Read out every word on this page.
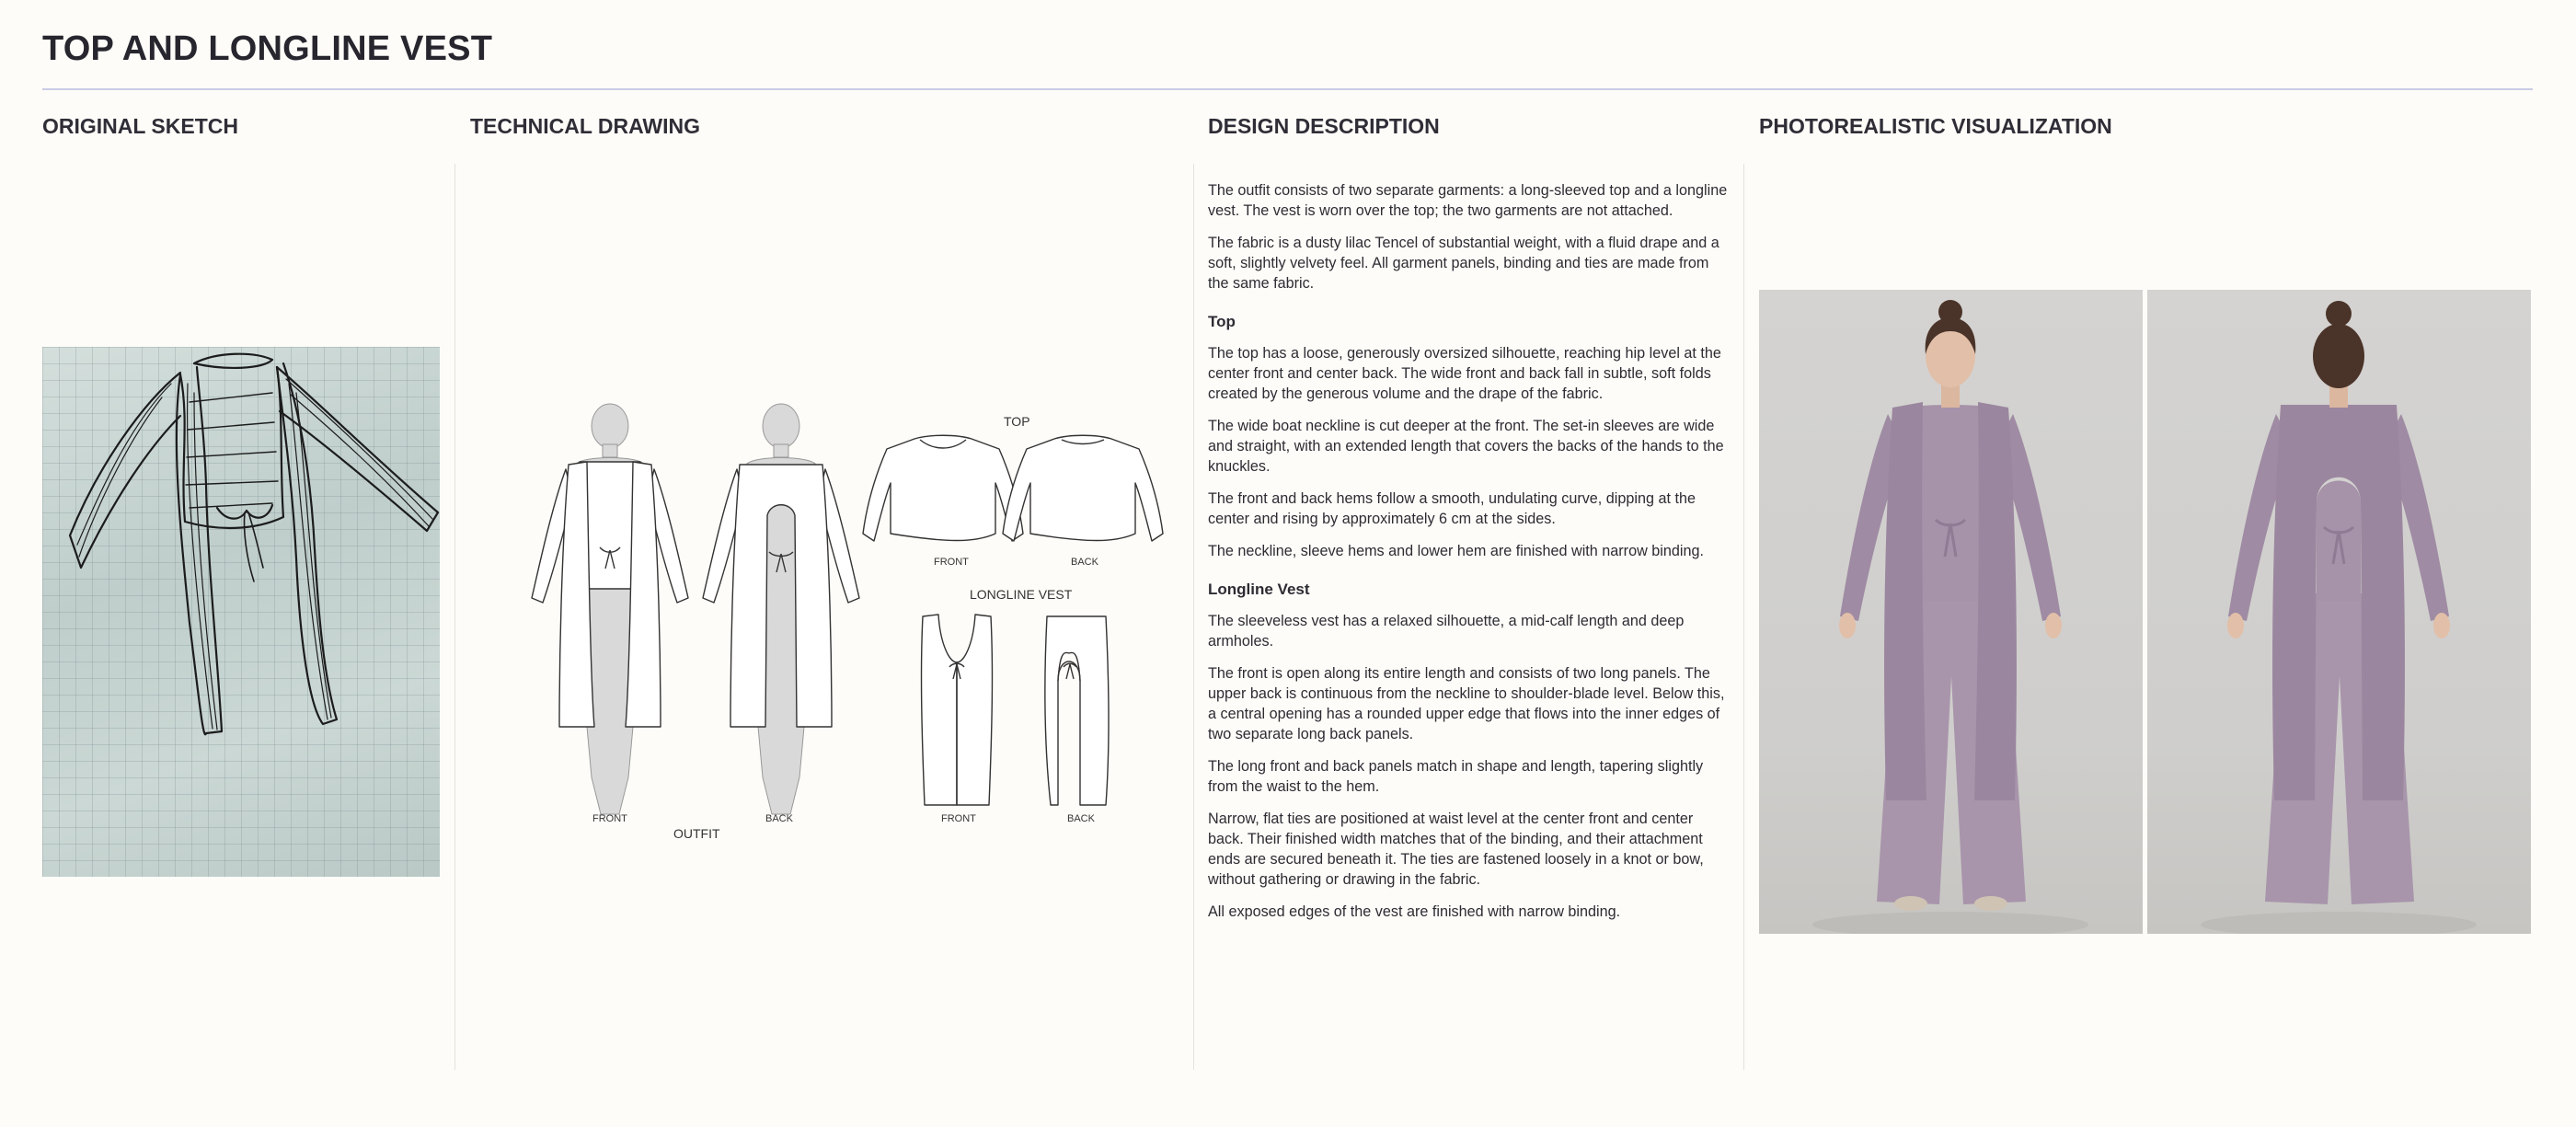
TOP AND LONGLINE VEST
ORIGINAL SKETCH	TECHNICAL DRAWING	DESIGN DESCRIPTION	PHOTOREALISTIC VISUALIZATION
FRONT	BACK
OUTFIT
TOP
FRONT	BACK
LONGLINE VEST
FRONT	BACK

The outfit consists of two separate garments: a long-sleeved top and a longline vest. The vest is worn over the top; the two garments are not attached.

The fabric is a dusty lilac Tencel of substantial weight, with a fluid drape and a soft, slightly velvety feel. All garment panels, binding and ties are made from the same fabric.

Top

The top has a loose, generously oversized silhouette, reaching hip level at the center front and center back. The wide front and back fall in subtle, soft folds created by the generous volume and the drape of the fabric.

The wide boat neckline is cut deeper at the front. The set-in sleeves are wide and straight, with an extended length that covers the backs of the hands to the knuckles.

The front and back hems follow a smooth, undulating curve, dipping at the center and rising by approximately 6 cm at the sides.

The neckline, sleeve hems and lower hem are finished with narrow binding.

Longline Vest

The sleeveless vest has a relaxed silhouette, a mid-calf length and deep armholes.

The front is open along its entire length and consists of two long panels. The upper back is continuous from the neckline to shoulder-blade level. Below this, a central opening has a rounded upper edge that flows into the inner edges of two separate long back panels.

The long front and back panels match in shape and length, tapering slightly from the waist to the hem.

Narrow, flat ties are positioned at waist level at the center front and center back. Their finished width matches that of the binding, and their attachment ends are secured beneath it. The ties are fastened loosely in a knot or bow, without gathering or drawing in the fabric.

All exposed edges of the vest are finished with narrow binding.
